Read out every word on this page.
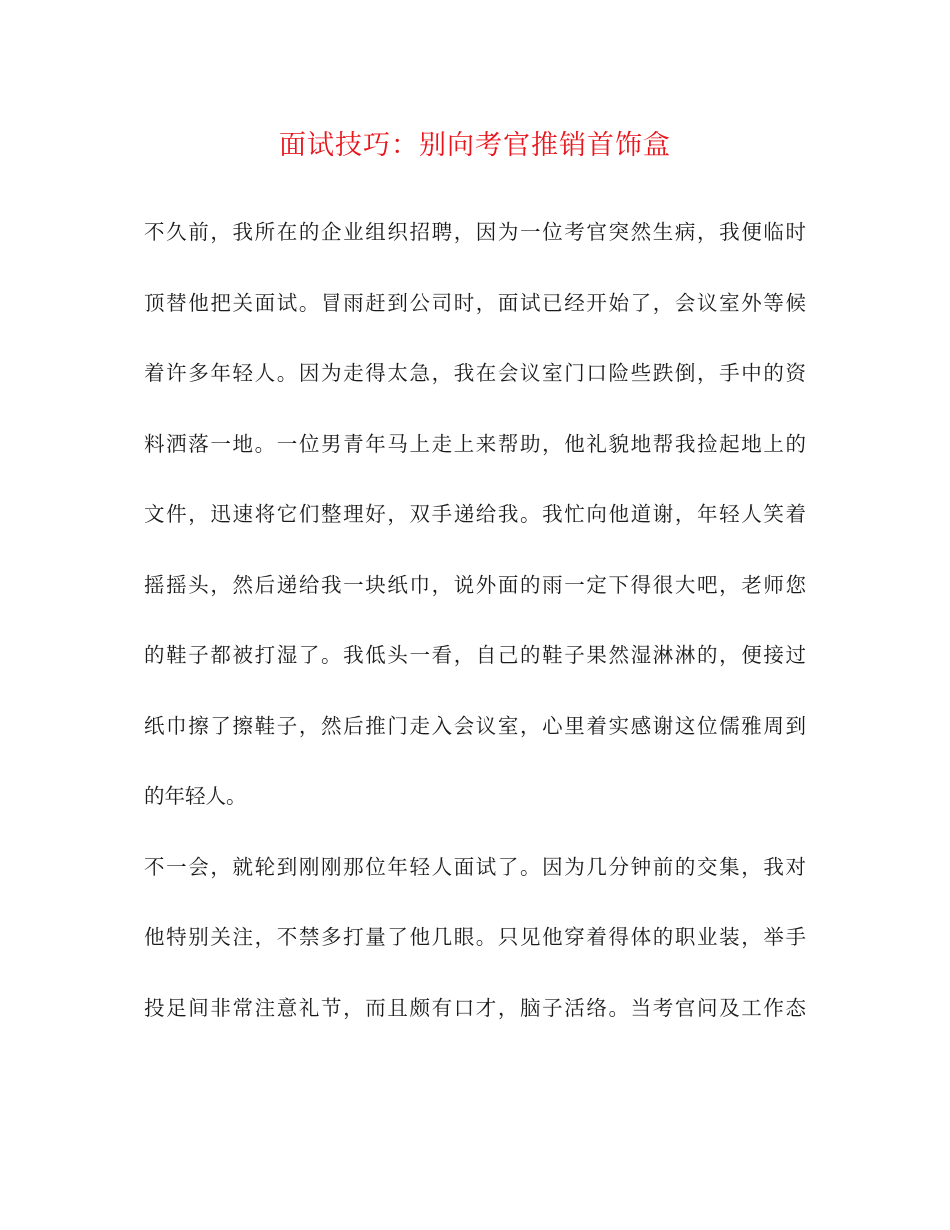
面试技巧：别向考官推销首饰盒
不久前，我所在的企业组织招聘，因为一位考官突然生病，我便临时
顶替他把关面试。冒雨赶到公司时，面试已经开始了，会议室外等候
着许多年轻人。因为走得太急，我在会议室门口险些跌倒，手中的资
料洒落一地。一位男青年马上走上来帮助，他礼貌地帮我捡起地上的
文件，迅速将它们整理好，双手递给我。我忙向他道谢，年轻人笑着
摇摇头，然后递给我一块纸巾，说外面的雨一定下得很大吧，老师您
的鞋子都被打湿了。我低头一看，自己的鞋子果然湿淋淋的，便接过
纸巾擦了擦鞋子，然后推门走入会议室，心里着实感谢这位儒雅周到
的年轻人。
不一会，就轮到刚刚那位年轻人面试了。因为几分钟前的交集，我对
他特别关注，不禁多打量了他几眼。只见他穿着得体的职业装，举手
投足间非常注意礼节，而且颇有口才，脑子活络。当考官问及工作态
